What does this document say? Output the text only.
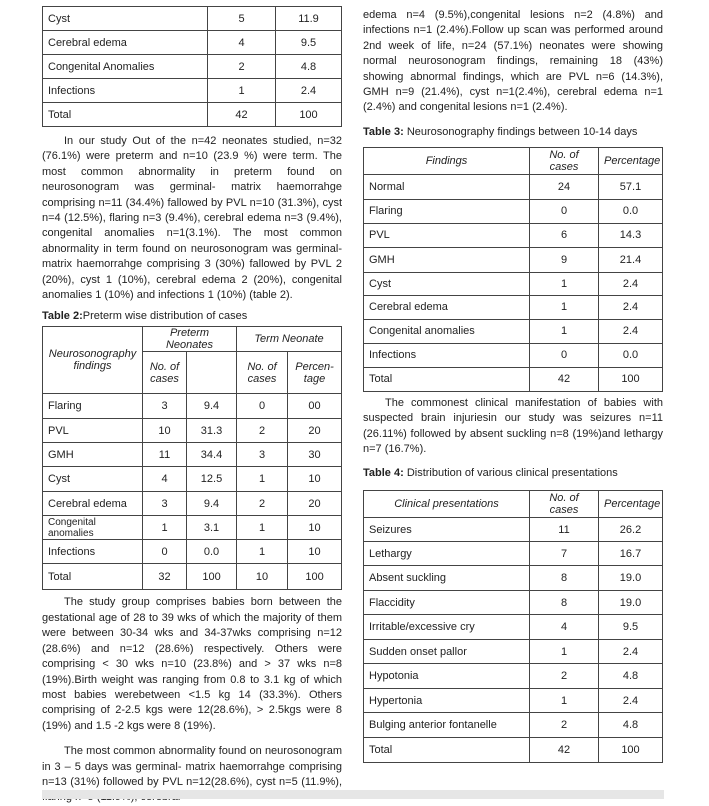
Cyst	5	11.9
Cerebral edema	4	9.5
Congenital Anomalies	2	4.8
Infections	1	2.4
Total	42	100

In our study Out of the n=42 neonates studied, n=32 (76.1%) were preterm and n=10 (23.9 %) were term. The most common abnormality in preterm found on neurosonogram was germinal- matrix haemorrahge comprising n=11 (34.4%) fallowed by PVL n=10 (31.3%), cyst n=4 (12.5%), flaring n=3 (9.4%), cerebral edema n=3 (9.4%), congenital anomalies n=1(3.1%). The most common abnormality in term found on neurosonogram was germinal- matrix haemorrahge comprising 3 (30%) fallowed by PVL 2 (20%), cyst 1 (10%), cerebral edema 2 (20%), congenital anomalies 1 (10%) and infections 1 (10%) (table 2).

Table 2:Preterm wise distribution of cases

Neurosonography findings	Preterm Neonates		Term Neonate	
	No. of cases		No. of cases	Percen- tage
Flaring	3	9.4	0	00
PVL	10	31.3	2	20
GMH	11	34.4	3	30
Cyst	4	12.5	1	10
Cerebral edema	3	9.4	2	20
Congenital anomalies	1	3.1	1	10
Infections	0	0.0	1	10
Total	32	100	10	100

The study group comprises babies born between the gestational age of 28 to 39 wks of which the majority of them were between 30-34 wks and 34-37wks comprising n=12 (28.6%) and n=12 (28.6%) respectively. Others were comprising < 30 wks n=10 (23.8%) and > 37 wks n=8 (19%).Birth weight was ranging from 0.8 to 3.1 kg of which most babies werebetween <1.5 kg 14 (33.3%). Others comprising of 2-2.5 kgs were 12(28.6%), > 2.5kgs were 8 (19%) and 1.5 -2 kgs were 8 (19%).

The most common abnormality found on neurosonogram in 3 – 5 days was germinal- matrix haemorrahge comprising n=13 (31%) followed by PVL n=12(28.6%), cyst n=5 (11.9%),

edema n=4 (9.5%),congenital lesions n=2 (4.8%) and infections n=1 (2.4%).Follow up scan was performed around 2nd week of life, n=24 (57.1%) neonates were showing normal neurosonogram findings, remaining 18 (43%) showing abnormal findings, which are PVL n=6 (14.3%), GMH n=9 (21.4%), cyst n=1(2.4%), cerebral edema n=1 (2.4%) and congenital lesions n=1 (2.4%).

Table 3: Neurosonography findings between 10-14 days

Findings	No. of cases	Percentage
Normal	24	57.1
Flaring	0	0.0
PVL	6	14.3
GMH	9	21.4
Cyst	1	2.4
Cerebral edema	1	2.4
Congenital anomalies	1	2.4
Infections	0	0.0
Total	42	100

The commonest clinical manifestation of babies with suspected brain injuriesin our study was seizures n=11 (26.11%) followed by absent suckling n=8 (19%)and lethargy n=7 (16.7%).

Table 4: Distribution of various clinical presentations

Clinical presentations	No. of cases	Percentage
Seizures	11	26.2
Lethargy	7	16.7
Absent suckling	8	19.0
Flaccidity	8	19.0
Irritable/excessive cry	4	9.5
Sudden onset pallor	1	2.4
Hypotonia	2	4.8
Hypertonia	1	2.4
Bulging anterior fontanelle	2	4.8
Total	42	100
